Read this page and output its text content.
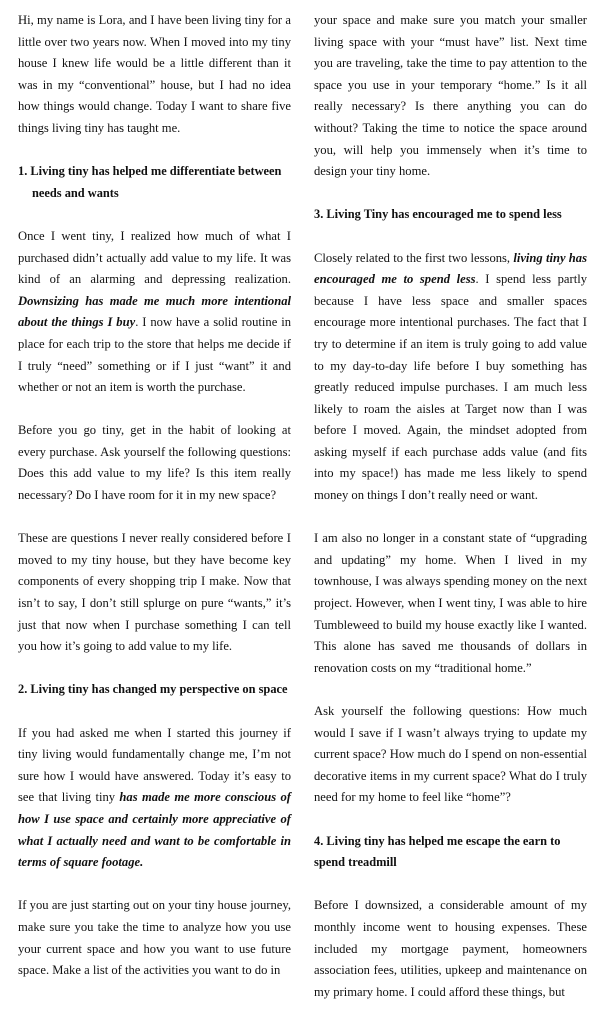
Hi, my name is Lora, and I have been living tiny for a little over two years now. When I moved into my tiny house I knew life would be a little different than it was in my “conventional” house, but I had no idea how things would change. Today I want to share five things living tiny has taught me.

1. Living tiny has helped me differentiate between needs and wants

Once I went tiny, I realized how much of what I purchased didn’t actually add value to my life. It was kind of an alarming and depressing realization. Downsizing has made me much more intentional about the things I buy. I now have a solid routine in place for each trip to the store that helps me decide if I truly “need” something or if I just “want” it and whether or not an item is worth the purchase.

Before you go tiny, get in the habit of looking at every purchase. Ask yourself the following questions: Does this add value to my life? Is this item really necessary? Do I have room for it in my new space?

These are questions I never really considered before I moved to my tiny house, but they have become key components of every shopping trip I make. Now that isn’t to say, I don’t still splurge on pure “wants,” it’s just that now when I purchase something I can tell you how it’s going to add value to my life.

2. Living tiny has changed my perspective on space

If you had asked me when I started this journey if tiny living would fundamentally change me, I’m not sure how I would have answered. Today it’s easy to see that living tiny has made me more conscious of how I use space and certainly more appreciative of what I actually need and want to be comfortable in terms of square footage.

If you are just starting out on your tiny house journey, make sure you take the time to analyze how you use your current space and how you want to use future space. Make a list of the activities you want to do in

your space and make sure you match your smaller living space with your “must have” list. Next time you are traveling, take the time to pay attention to the space you use in your temporary “home.” Is it all really necessary? Is there anything you can do without? Taking the time to notice the space around you, will help you immensely when it’s time to design your tiny home.

3. Living Tiny has encouraged me to spend less

Closely related to the first two lessons, living tiny has encouraged me to spend less. I spend less partly because I have less space and smaller spaces encourage more intentional purchases. The fact that I try to determine if an item is truly going to add value to my day-to-day life before I buy something has greatly reduced impulse purchases. I am much less likely to roam the aisles at Target now than I was before I moved. Again, the mindset adopted from asking myself if each purchase adds value (and fits into my space!) has made me less likely to spend money on things I don’t really need or want.

I am also no longer in a constant state of “upgrading and updating” my home. When I lived in my townhouse, I was always spending money on the next project. However, when I went tiny, I was able to hire Tumbleweed to build my house exactly like I wanted. This alone has saved me thousands of dollars in renovation costs on my “traditional home.”

Ask yourself the following questions: How much would I save if I wasn’t always trying to update my current space? How much do I spend on non-essential decorative items in my current space? What do I truly need for my home to feel like “home”?

4. Living tiny has helped me escape the earn to spend treadmill

Before I downsized, a considerable amount of my monthly income went to housing expenses. These included my mortgage payment, homeowners association fees, utilities, upkeep and maintenance on my primary home. I could afford these things, but
